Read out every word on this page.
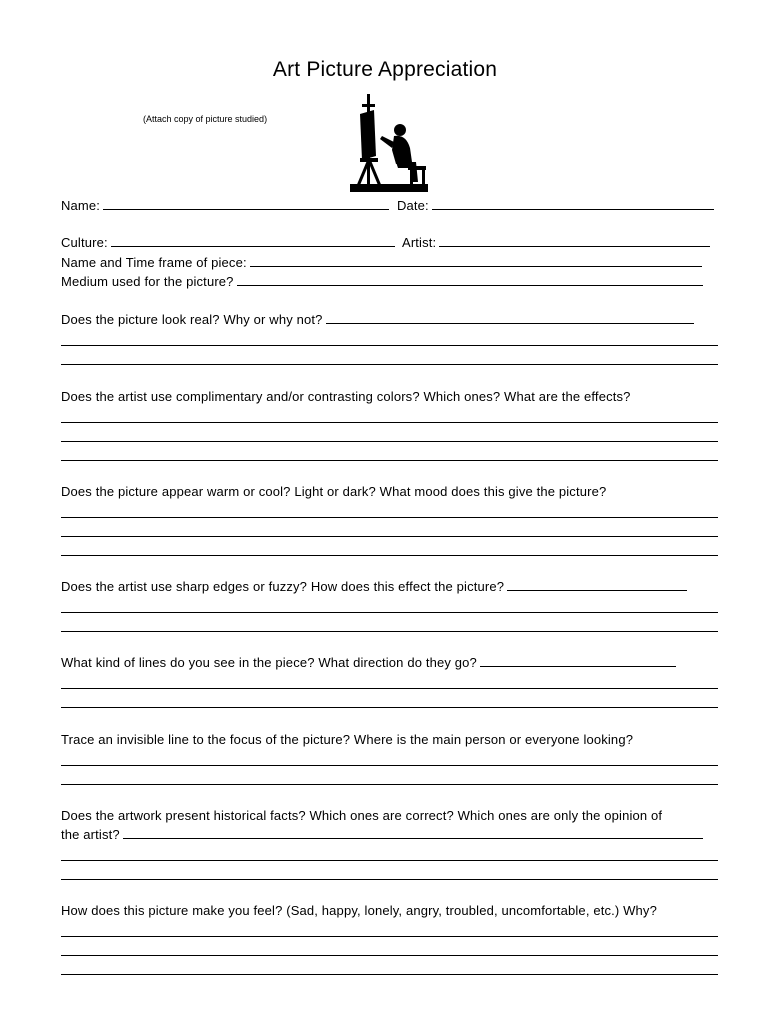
Art Picture Appreciation
(Attach copy of picture studied)
Name:	Date:
Culture:	Artist:
Name and Time frame of piece:
Medium used for the picture?
Does the picture look real? Why or why not?
Does the artist use complimentary and/or contrasting colors? Which ones? What are the effects?
Does the picture appear warm or cool? Light or dark? What mood does this give the picture?
Does the artist use sharp edges or fuzzy? How does this effect the picture?
What kind of lines do you see in the piece? What direction do they go?
Trace an invisible line to the focus of the picture? Where is the main person or everyone looking?
Does the artwork present historical facts? Which ones are correct? Which ones are only the opinion of
the artist?
How does this picture make you feel? (Sad, happy, lonely, angry, troubled, uncomfortable, etc.) Why?
